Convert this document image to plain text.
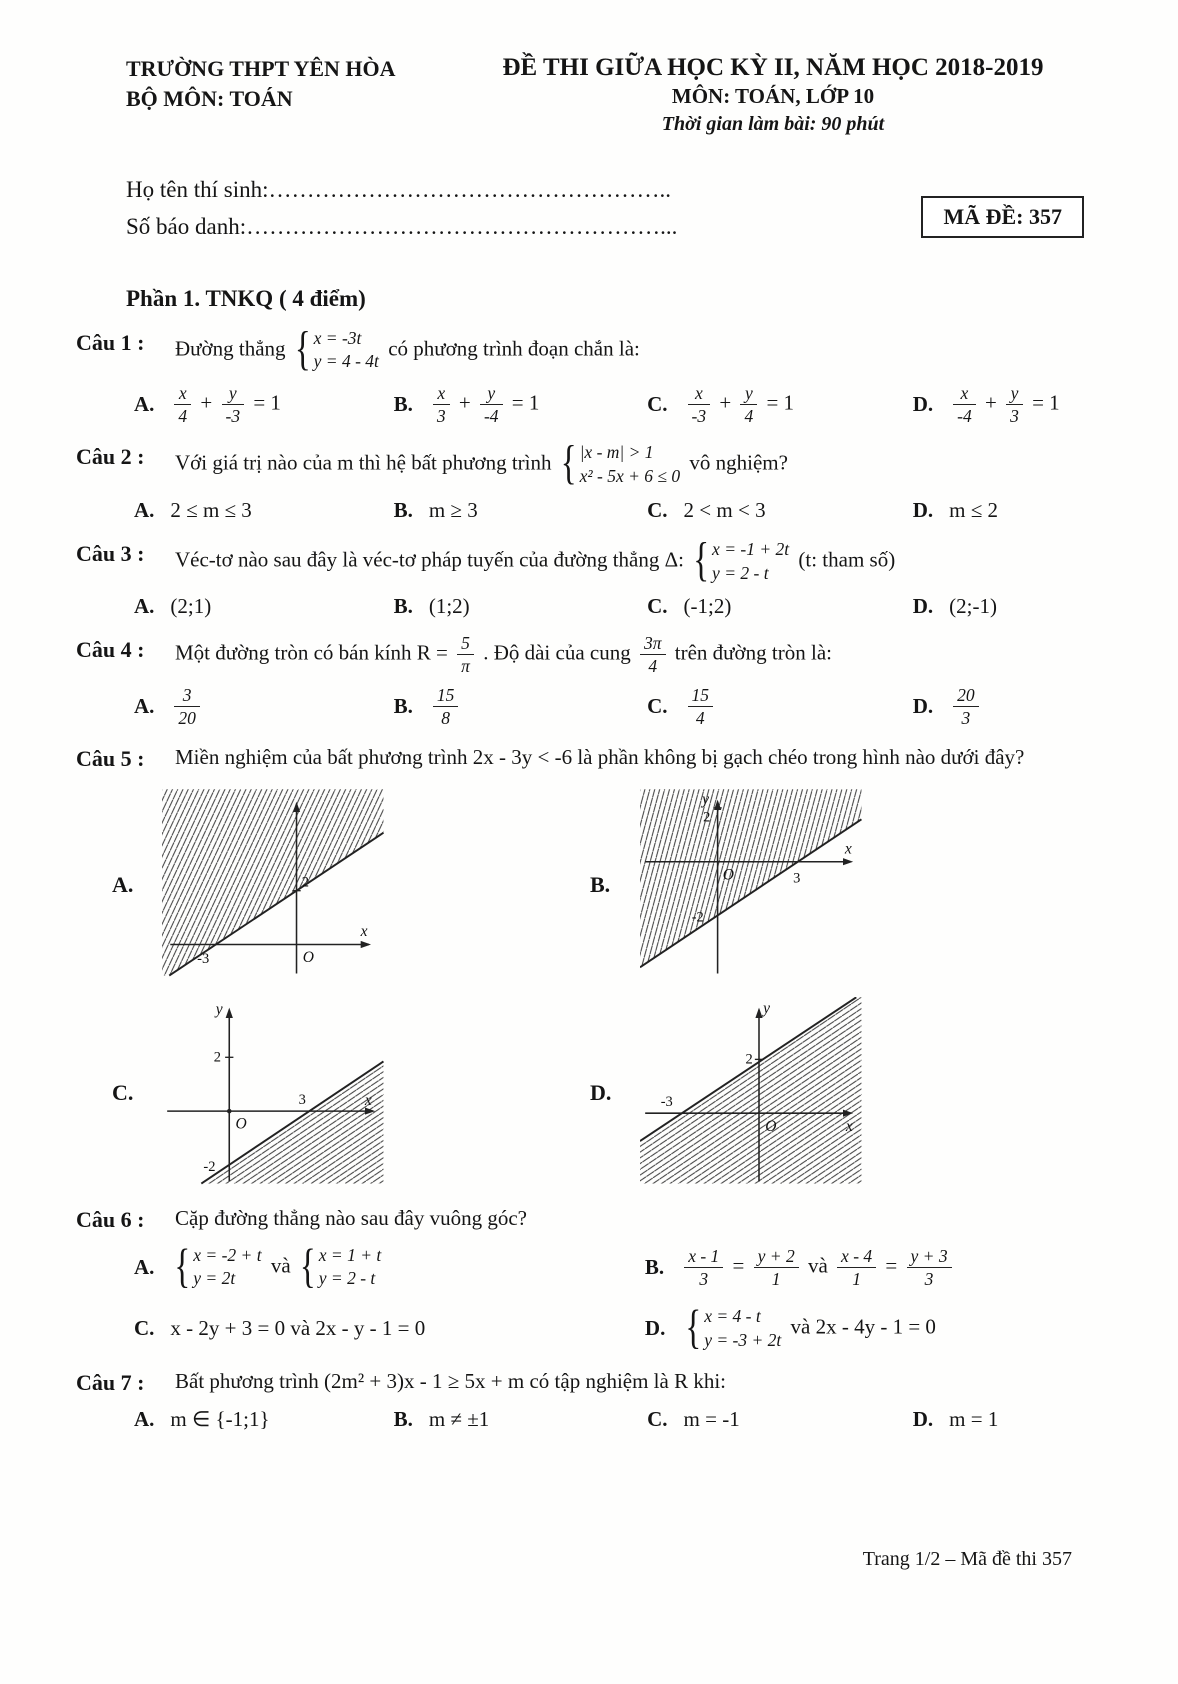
TRƯỜNG THPT YÊN HÒA
BỘ MÔN: TOÁN
ĐỀ THI GIỮA HỌC KỲ II, NĂM HỌC 2018-2019
MÔN: TOÁN, LỚP 10
Thời gian làm bài: 90 phút
Họ tên thí sinh:……………………………………………..
Số báo danh:………………………………………………...	MÃ ĐỀ: 357
Phần 1. TNKQ ( 4 điểm)
Câu 1 :	Đường thẳng { x = -3t
y = 4 - 4t
có phương trình đoạn chắn là:
A. $\frac{x}{4} + \frac{y}{-3} = 1$	B. $\frac{x}{3} + \frac{y}{-4} = 1$	C. $\frac{x}{-3} + \frac{y}{4} = 1$	D. $\frac{x}{-4} + \frac{y}{3} = 1$
Câu 2 :	Với giá trị nào của m thì hệ bất phương trình { |x - m| > 1
x² - 5x + 6 ≤ 0
vô nghiệm?
A. 2 ≤ m ≤ 3	B. m ≥ 3	C. 2 < m < 3	D. m ≤ 2
Câu 3 :	Véc-tơ nào sau đây là véc-tơ pháp tuyến của đường thẳng Δ: { x = -1 + 2t
y = 2 - t
(t: tham số)
A. (2;1)	B. (1;2)	C. (-1;2)	D. (2;-1)
Câu 4 :	Một đường tròn có bán kính $R = \frac{5}{\pi}$ . Độ dài của cung $\frac{3\pi}{4}$ trên đường tròn là:
A. $\frac{3}{20}$	B. $\frac{15}{8}$	C. $\frac{15}{4}$	D. $\frac{20}{3}$
Câu 5 :	Miền nghiệm của bất phương trình 2x - 3y < -6 là phần không bị gạch chéo trong hình nào dưới đây?
A.	2
-3	O
x
B.
y
2
O
x
3
-2
C.
y
2
3	x
O
-2
D.
y
2
-3
x
O
Câu 6 :	Cặp đường thẳng nào sau đây vuông góc?
A. { x = -2 + t
y = 2t
và { x = 1 + t
y = 2 - t	B. $\frac{x - 1}{3} = \frac{y + 2}{1}$ và $\frac{x - 4}{1} = \frac{y + 3}{3}$
C. x - 2y + 3 = 0 và 2x - y - 1 = 0	D. { x = 4 - t
y = -3 + 2t
và 2x - 4y - 1 = 0
Câu 7 :	Bất phương trình (2m² + 3)x - 1 ≥ 5x + m có tập nghiệm là R khi:
A. m ∈ {-1;1}	B. m ≠ ±1	C. m = -1	D. m = 1
Trang 1/2 – Mã đề thi 357
